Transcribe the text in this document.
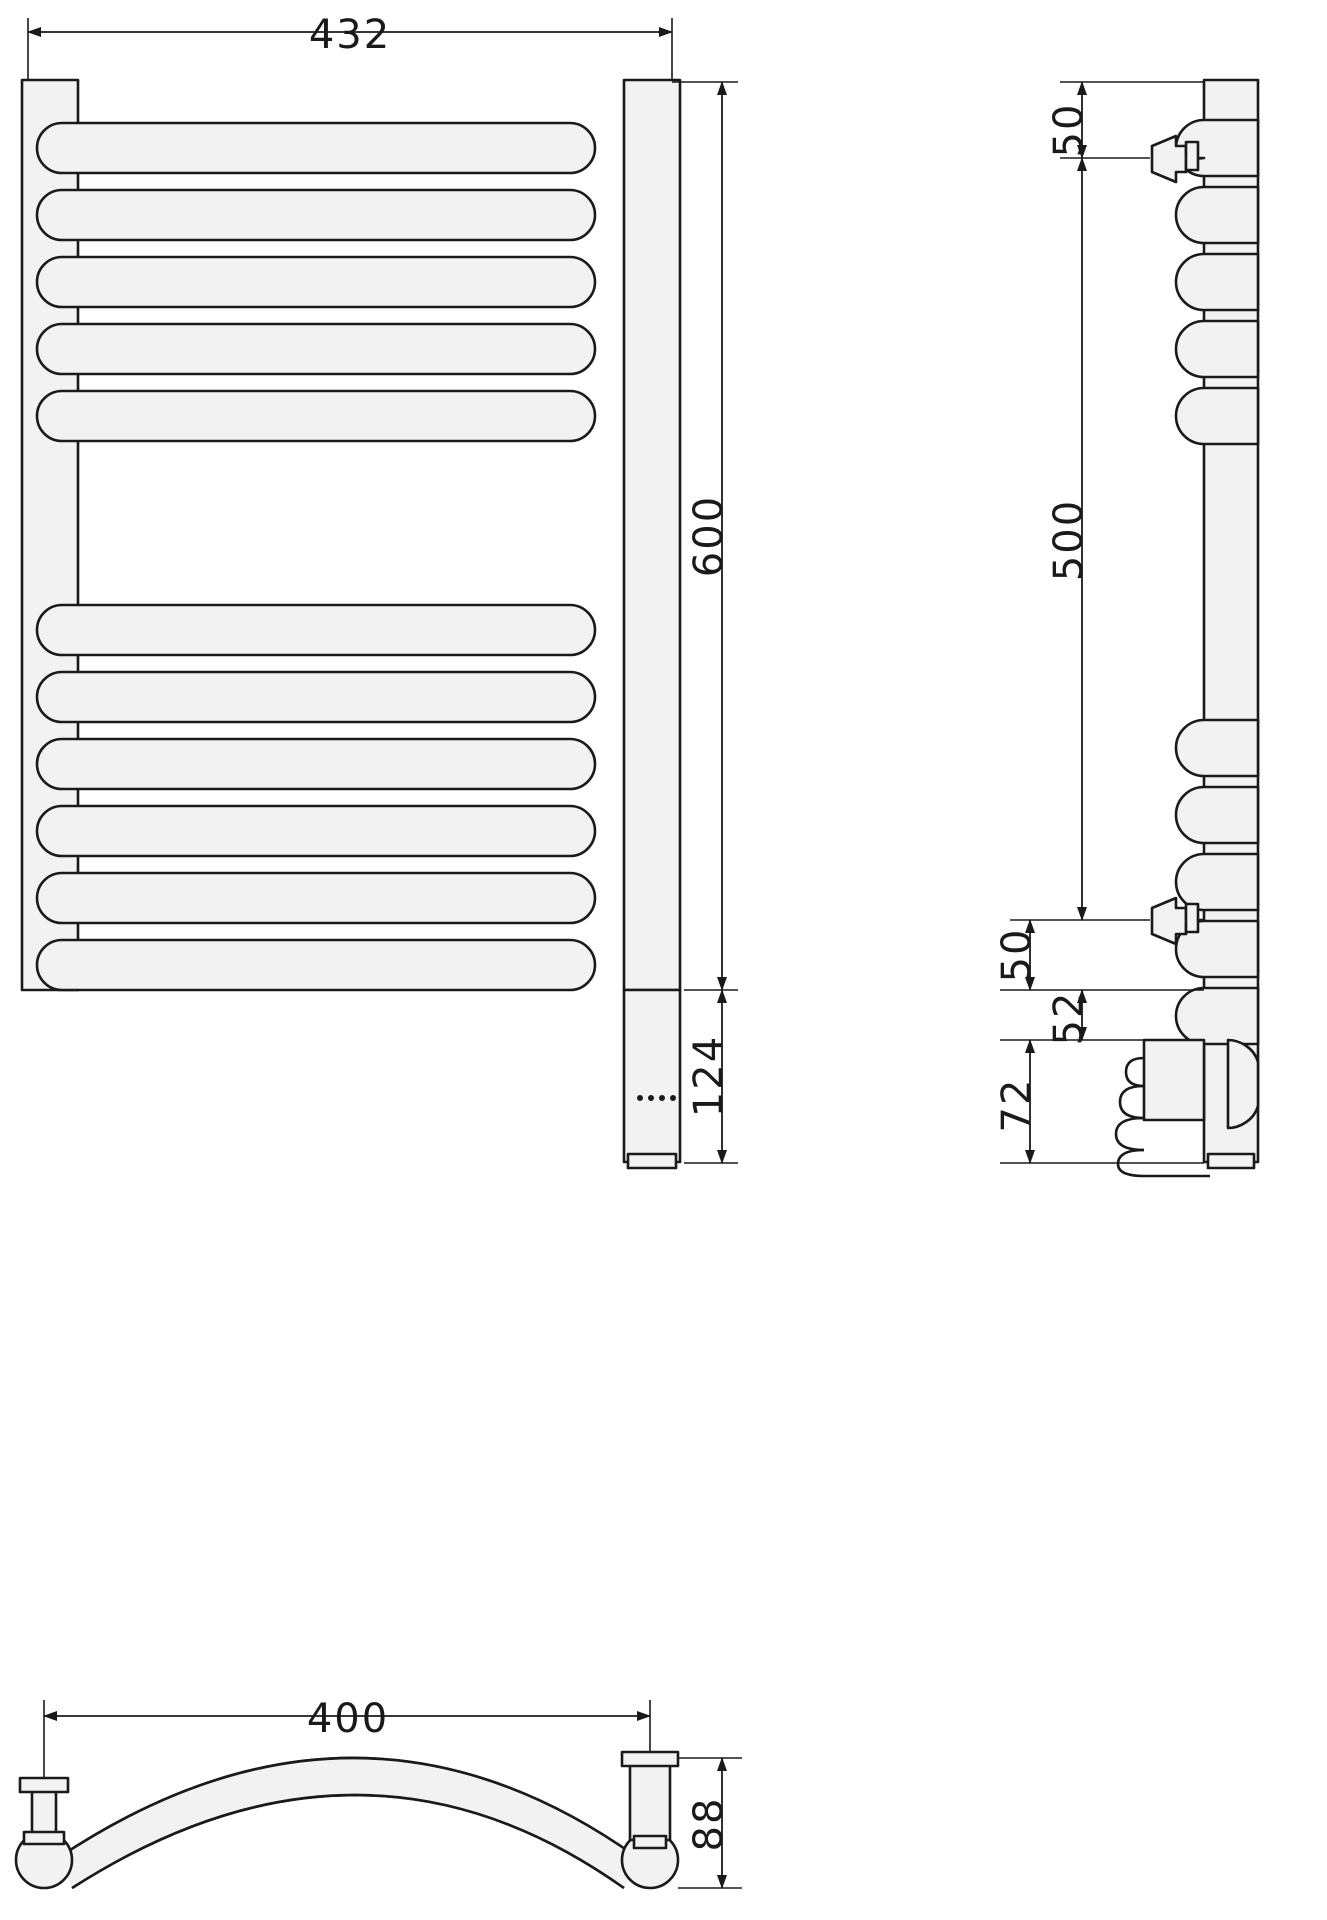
432
600
124
50
500
50
52
72
400
88
